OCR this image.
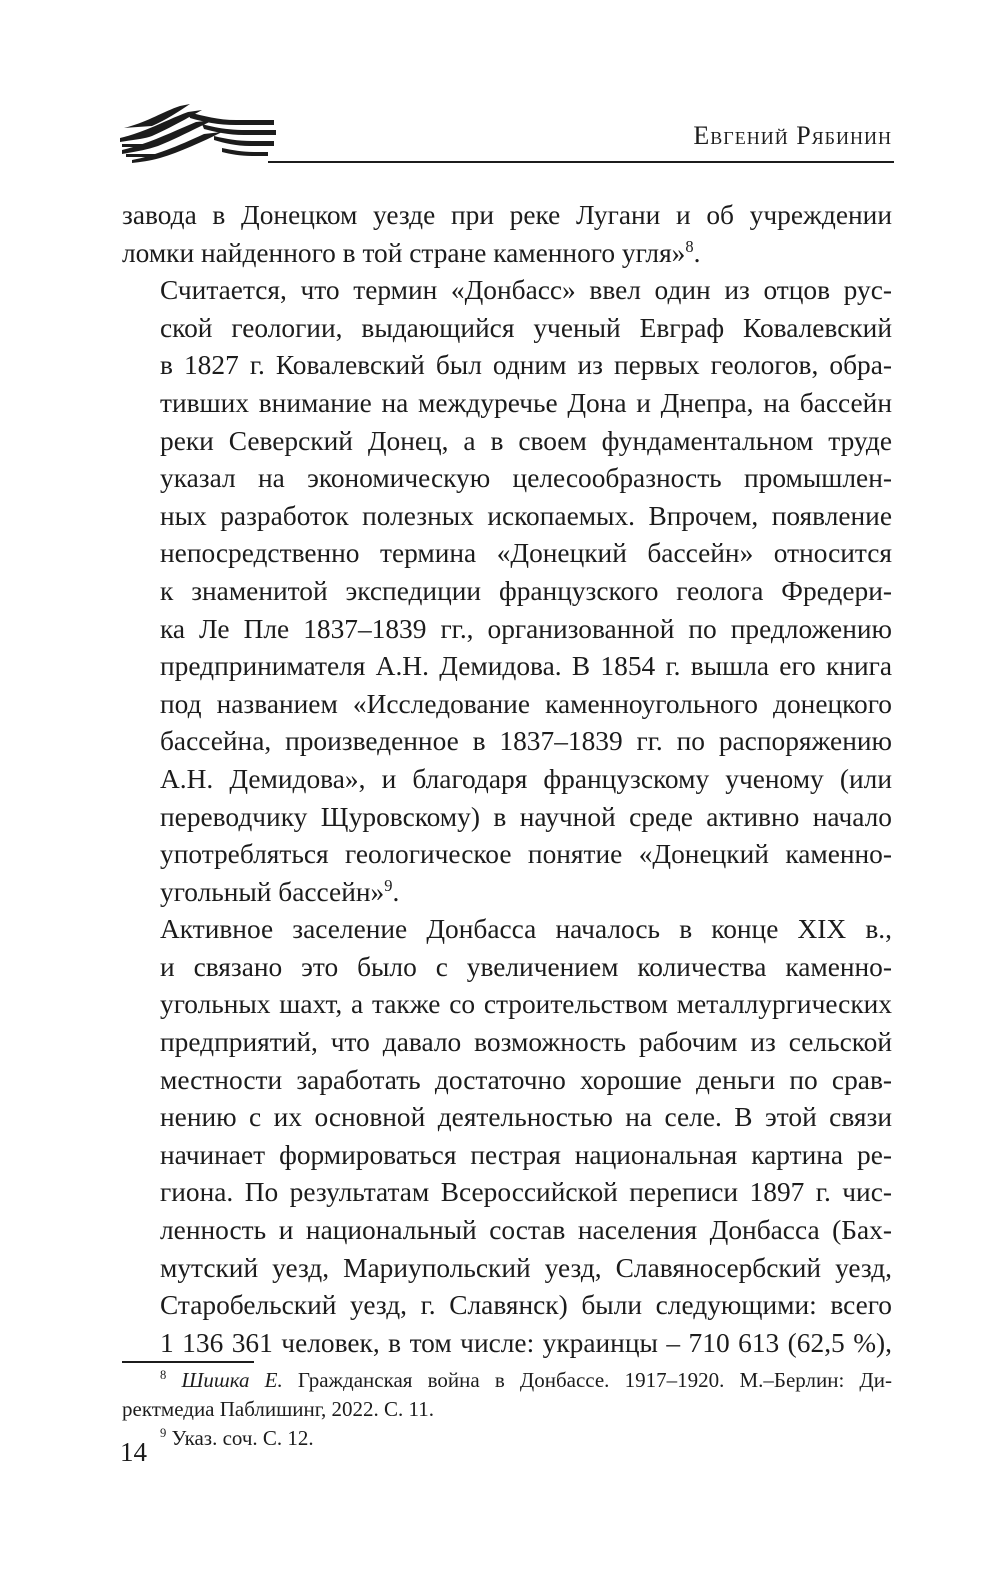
Евгений Рябинин
завода в Донецком уезде при реке Лугани и об учреждении
ломки найденного в той стране каменного угля»$^8$.
Считается, что термин «Донбасс» ввел один из отцов рус-
ской геологии, выдающийся ученый Евграф Ковалевский
в 1827 г. Ковалевский был одним из первых геологов, обра-
тивших внимание на междуречье Дона и Днепра, на бассейн
реки Северский Донец, а в своем фундаментальном труде
указал на экономическую целесообразность промышлен-
ных разработок полезных ископаемых. Впрочем, появление
непосредственно термина «Донецкий бассейн» относится
к знаменитой экспедиции французского геолога Фредери-
ка Ле Пле 1837–1839 гг., организованной по предложению
предпринимателя А.Н. Демидова. В 1854 г. вышла его книга
под названием «Исследование каменноугольного донецкого
бассейна, произведенное в 1837–1839 гг. по распоряжению
А.Н. Демидова», и благодаря французскому ученому (или
переводчику Щуровскому) в научной среде активно начало
употребляться геологическое понятие «Донецкий каменно-
угольный бассейн»$^9$.
Активное заселение Донбасса началось в конце XIX в.,
и связано это было с увеличением количества каменно-
угольных шахт, а также со строительством металлургических
предприятий, что давало возможность рабочим из сельской
местности заработать достаточно хорошие деньги по срав-
нению с их основной деятельностью на селе. В этой связи
начинает формироваться пестрая национальная картина ре-
гиона. По результатам Всероссийской переписи 1897 г. чис-
ленность и национальный состав населения Донбасса (Бах-
мутский уезд, Мариупольский уезд, Славяносербский уезд,
Старобельский уезд, г. Славянск) были следующими: всего
1 136 361 человек, в том числе: украинцы – 710 613 (62,5 %),
$^8$ Шишка Е. Гражданская война в Донбассе. 1917–1920. М.–Берлин: Ди-
ректмедиа Паблишинг, 2022. С. 11.
$^9$ Указ. соч. С. 12.
14
